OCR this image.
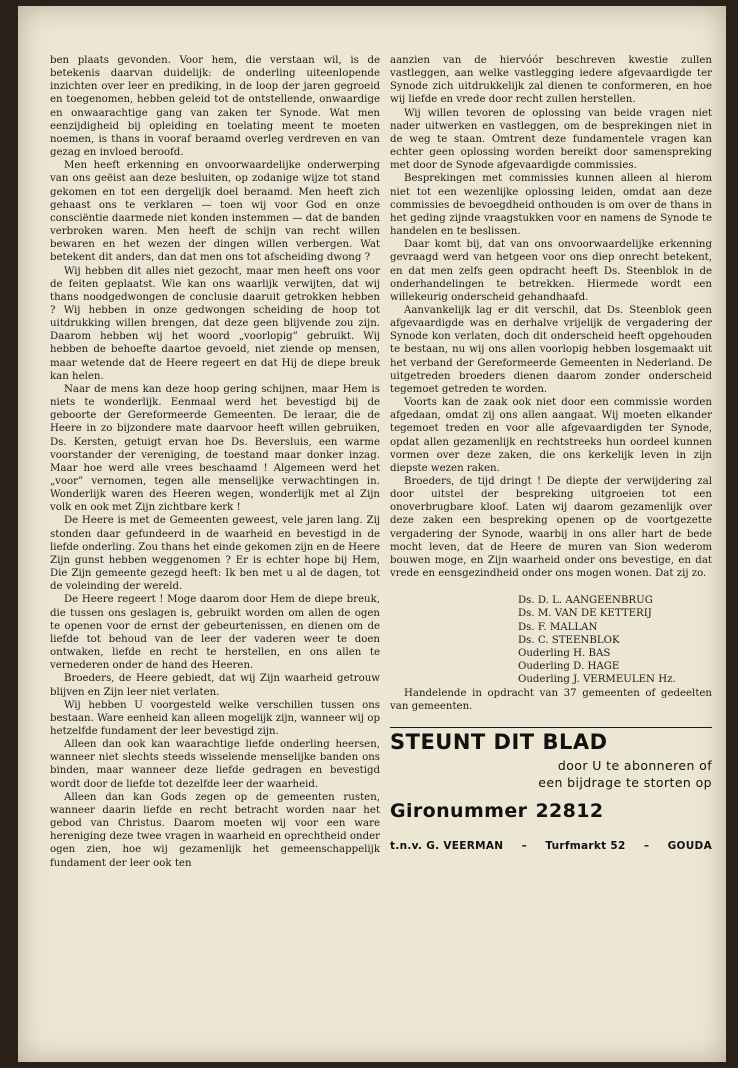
ben plaats gevonden. Voor hem, die verstaan wil, is de betekenis daarvan duidelijk: de onderling uiteenlopende inzichten over leer en prediking, in de loop der jaren gegroeid en toegenomen, hebben geleid tot de ontstellende, onwaardige en onwaarachtige gang van zaken ter Synode. Wat men eenzijdigheid bij opleiding en toelating meent te moeten noemen, is thans in vooraf beraamd overleg verdreven en van gezag en invloed beroofd.

Men heeft erkenning en onvoorwaardelijke onderwerping van ons geëist aan deze besluiten, op zodanige wijze tot stand gekomen en tot een dergelijk doel beraamd. Men heeft zich gehaast ons te verklaren — toen wij voor God en onze consciëntie daarmede niet konden instemmen — dat de banden verbroken waren. Men heeft de schijn van recht willen bewaren en het wezen der dingen willen verbergen. Wat betekent dit anders, dan dat men ons tot afscheiding dwong ?

Wij hebben dit alles niet gezocht, maar men heeft ons voor de feiten geplaatst. Wie kan ons waarlijk verwijten, dat wij thans noodgedwongen de conclusie daaruit getrokken hebben ? Wij hebben in onze gedwongen scheiding de hoop tot uitdrukking willen brengen, dat deze geen blijvende zou zijn. Daarom hebben wij het woord „voorlopig” gebruikt. Wij hebben de behoefte daartoe gevoeld, niet ziende op mensen, maar wetende dat de Heere regeert en dat Hij de diepe breuk kan helen.

Naar de mens kan deze hoop gering schijnen, maar Hem is niets te wonderlijk. Eenmaal werd het bevestigd bij de geboorte der Gereformeerde Gemeenten. De leraar, die de Heere in zo bijzondere mate daarvoor heeft willen gebruiken, Ds. Kersten, getuigt ervan hoe Ds. Beversluis, een warme voorstander der vereniging, de toestand maar donker inzag. Maar hoe werd alle vrees beschaamd ! Algemeen werd het „voor” vernomen, tegen alle menselijke verwachtingen in. Wonderlijk waren des Heeren wegen, wonderlijk met al Zijn volk en ook met Zijn zichtbare kerk !

De Heere is met de Gemeenten geweest, vele jaren lang. Zij stonden daar gefundeerd in de waarheid en bevestigd in de liefde onderling. Zou thans het einde gekomen zijn en de Heere Zijn gunst hebben weggenomen ? Er is echter hope bij Hem, Die Zijn gemeente gezegd heeft: Ik ben met u al de dagen, tot de voleinding der wereld.

De Heere regeert ! Moge daarom door Hem de diepe breuk, die tussen ons geslagen is, gebruikt worden om allen de ogen te openen voor de ernst der gebeurtenissen, en dienen om de liefde tot behoud van de leer der vaderen weer te doen ontwaken, liefde en recht te herstellen, en ons allen te vernederen onder de hand des Heeren.

Broeders, de Heere gebiedt, dat wij Zijn waarheid getrouw blijven en Zijn leer niet verlaten.

Wij hebben U voorgesteld welke verschillen tussen ons bestaan. Ware eenheid kan alleen mogelijk zijn, wanneer wij op hetzelfde fundament der leer bevestigd zijn.

Alleen dan ook kan waarachtige liefde onderling heersen, wanneer niet slechts steeds wisselende menselijke banden ons binden, maar wanneer deze liefde gedragen en bevestigd wordt door de liefde tot dezelfde leer der waarheid.

Alleen dan kan Gods zegen op de gemeenten rusten, wanneer daarin liefde en recht betracht worden naar het gebod van Christus. Daarom moeten wij voor een ware hereniging deze twee vragen in waarheid en oprechtheid onder ogen zien, hoe wij gezamenlijk het gemeenschappelijk fundament der leer ook ten

aanzien van de hiervóór beschreven kwestie zullen vastleggen, aan welke vastlegging iedere afgevaardigde ter Synode zich uitdrukkelijk zal dienen te conformeren, en hoe wij liefde en vrede door recht zullen herstellen.

Wij willen tevoren de oplossing van beide vragen niet nader uitwerken en vastleggen, om de besprekingen niet in de weg te staan. Omtrent deze fundamentele vragen kan echter geen oplossing worden bereikt door samenspreking met door de Synode afgevaardigde commissies.

Besprekingen met commissies kunnen alleen al hierom niet tot een wezenlijke oplossing leiden, omdat aan deze commissies de bevoegdheid onthouden is om over de thans in het geding zijnde vraagstukken voor en namens de Synode te handelen en te beslissen.

Daar komt bij, dat van ons onvoorwaardelijke erkenning gevraagd werd van hetgeen voor ons diep onrecht betekent, en dat men zelfs geen opdracht heeft Ds. Steenblok in de onderhandelingen te betrekken. Hiermede wordt een willekeurig onderscheid gehandhaafd.

Aanvankelijk lag er dit verschil, dat Ds. Steenblok geen afgevaardigde was en derhalve vrijelijk de vergadering der Synode kon verlaten, doch dit onderscheid heeft opgehouden te bestaan, nu wij ons allen voorlopig hebben losgemaakt uit het verband der Gereformeerde Gemeenten in Nederland. De uitgetreden broeders dienen daarom zonder onderscheid tegemoet getreden te worden.

Voorts kan de zaak ook niet door een commissie worden afgedaan, omdat zij ons allen aangaat. Wij moeten elkander tegemoet treden en voor alle afgevaardigden ter Synode, opdat allen gezamenlijk en rechtstreeks hun oordeel kunnen vormen over deze zaken, die ons kerkelijk leven in zijn diepste wezen raken.

Broeders, de tijd dringt ! De diepte der verwijdering zal door uitstel der bespreking uitgroeien tot een onoverbrugbare kloof. Laten wij daarom gezamenlijk over deze zaken een bespreking openen op de voortgezette vergadering der Synode, waarbij in ons aller hart de bede mocht leven, dat de Heere de muren van Sion wederom bouwen moge, en Zijn waarheid onder ons bevestige, en dat vrede en eensgezindheid onder ons mogen wonen. Dat zij zo.

Ds. D. L. AANGEENBRUG
Ds. M. VAN DE KETTERIJ
Ds. F. MALLAN
Ds. C. STEENBLOK
Ouderling H. BAS
Ouderling D. HAGE
Ouderling J. VERMEULEN Hz.

Handelende in opdracht van 37 gemeenten of gedeelten van gemeenten.

STEUNT DIT BLAD
door U te abonneren of
een bijdrage te storten op
Gironummer 22812
t.n.v. G. VEERMAN	–	Turfmarkt 52	–	GOUDA
